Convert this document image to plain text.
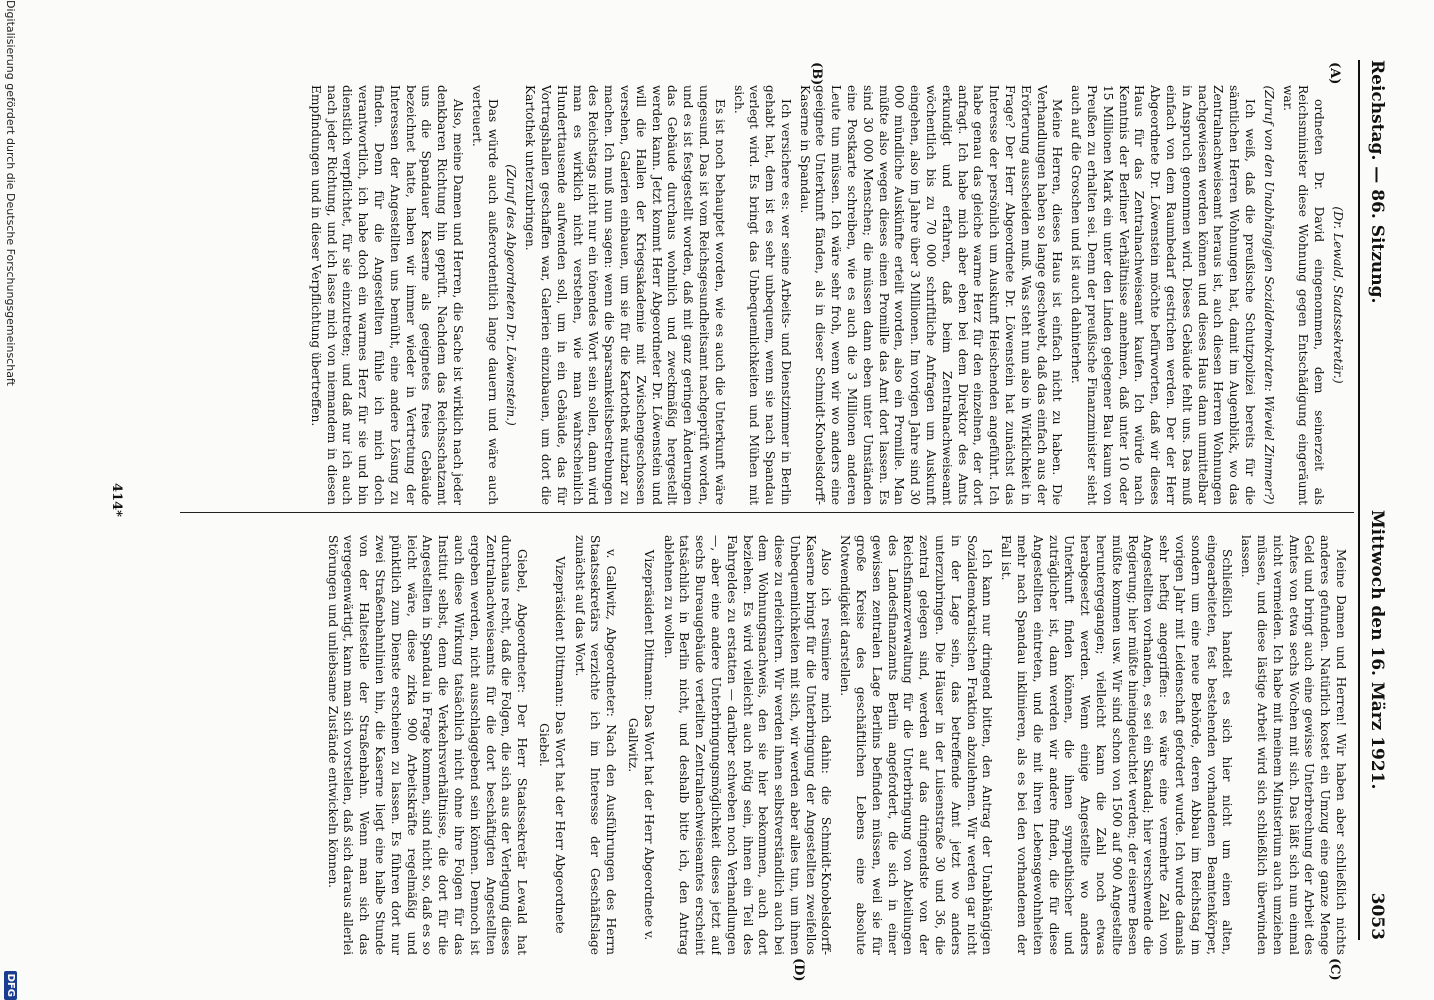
Reichstag. — 86. Sitzung.
Mittwoch den 16. März 1921.
3053
(A)
(B)
(C)
(D)

(Dr. Lewald, Staatssekretär.)

ordneten Dr. David eingenommen, dem seinerzeit als Reichsminister diese Wohnung gegen Entschädigung eingeräumt war.

(Zuruf von den Unabhängigen Sozialdemokraten: Wieviel Zimmer?)

Ich weiß, daß die preußische Schutzpolizei bereits für die sämtlichen Herren Wohnungen hat, damit im Augenblick, wo das Zentralnachweiseamt heraus ist, auch diesen Herren Wohnungen nachgewiesen werden können und dieses Haus dann unmittelbar in Anspruch genommen wird. Dieses Gebäude fehlt uns. Das muß einfach von dem Raumbedarf gestrichen werden. Der der Herr Abgeordnete Dr. Löwenstein möchte befürworten, daß wir dieses Haus für das Zentralnachweiseamt kaufen. Ich würde nach Kenntnis der Berliner Verhältnisse annehmen, daß unter 10 oder 15 Millionen Mark ein unter den Linden gelegener Bau kaum von Preußen zu erhalten sei. Denn der preußische Finanzminister sieht auch auf die Groschen und ist auch dahinterher.

Meine Herren, dieses Haus ist einfach nicht zu haben. Die Verhandlungen haben so lange geschwebt, daß das einfach aus der Erörterung ausscheiden muß. Was steht nun also in Wirklichkeit in Frage? Der Herr Abgeordnete Dr. Löwenstein hat zunächst das Interesse der persönlich um Auskunft Heischenden angeführt. Ich habe genau das gleiche warme Herz für den einzelnen, der dort anfragt. Ich habe mich aber eben bei dem Direktor des Amts erkundigt und erfahren, daß beim Zentralnachweiseamt wöchentlich bis zu 70 000 schriftliche Anfragen um Auskunft eingehen, also im Jahre über 3 Millionen. Im vorigen Jahre sind 30 000 mündliche Auskünfte erteilt worden, also ein Promille. Man müßte also wegen dieses einen Promille das Amt dort lassen. Es sind 30 000 Menschen; die müssen dann eben unter Umständen eine Postkarte schreiben, wie es auch die 3 Millionen anderen Leute tun müssen. Ich wäre sehr froh, wenn wir wo anders eine geeignete Unterkunft fänden, als in dieser Schmidt-Knobelsdorff-Kaserne in Spandau.

Ich versichere es: wer seine Arbeits- und Dienstzimmer in Berlin gehabt hat, dem ist es sehr unbequem, wenn sie nach Spandau verlegt wird. Es bringt das Unbequemlichkeiten und Mühen mit sich.

Es ist noch behauptet worden, wie es auch die Unterkunft wäre ungesund. Das ist vom Reichsgesundheitsamt nachgeprüft worden, und es ist festgestellt worden, daß mit ganz geringen Änderungen das Gebäude durchaus wohnlich und zweckmäßig hergestellt werden kann. Jetzt kommt Herr Abgeordneter Dr. Löwenstein und will die Hallen der Kriegsakademie mit Zwischengeschossen versehen, Galerien einbauen, um sie für die Kartothek nutzbar zu machen. Ich muß nun sagen: wenn die Sparsamkeitsbestrebungen des Reichstags nicht nur ein tönendes Wort sein sollen, dann wird man es wirklich nicht verstehen, wie man wahrscheinlich Hunderttausende aufwenden soll, um in ein Gebäude, das für Vortragshallen geschaffen war, Galerien einzubauen, um dort die Kartothek unterzubringen.

(Zuruf des Abgeordneten Dr. Löwenstein.)

Das würde auch außerordentlich lange dauern und wäre auch verteuert.

Also, meine Damen und Herren, die Sache ist wirklich nach jeder denkbaren Richtung hin geprüft. Nachdem das Reichsschatzamt uns die Spandauer Kaserne als geeignetes freies Gebäude bezeichnet hatte, haben wir immer wieder in Vertretung der Interessen der Angestellten uns bemüht, eine andere Lösung zu finden. Denn für die Angestellten fühle ich mich doch verantwortlich, ich habe doch ein warmes Herz für sie und bin dienstlich verpflichtet, für sie einzutreten; und daß nur ich auch nach jeder Richtung, und ich lasse mich von niemandem in diesen Empfindungen und in dieser Verpflichtung übertreffen.

Meine Damen und Herren! Wir haben aber schließlich nichts anderes gefunden. Natürlich kostet ein Umzug eine ganze Menge Geld und bringt auch eine gewisse Unterbrechung der Arbeit des Amtes von etwa sechs Wochen mit sich. Das läßt sich nun einmal nicht vermeiden. Ich habe mit meinem Ministerium auch umziehen müssen, und diese lästige Arbeit wird sich schließlich überwinden lassen.

Schließlich handelt es sich hier nicht um einen alten, eingearbeiteten, fest bestehenden vorhandenen Beamtenkörper, sondern um eine neue Behörde, deren Abbau im Reichstag im vorigen Jahr mit Leidenschaft gefordert wurde. Ich wurde damals sehr heftig angegriffen: es wäre eine vermehrte Zahl von Angestellten vorhanden, es sei ein Skandal; hier verschwende die Regierung; hier müßte hineingeleuchtet werden; der eiserne Besen müßte kommen usw. Wir sind schon von 1500 auf 900 Angestellte heruntergegangen; vielleicht kann die Zahl noch etwas herabgesetzt werden. Wenn einige Angestellte wo anders Unterkunft finden können, die ihnen sympathischer und zuträglicher ist, dann werden wir andere finden, die für diese Angestellten eintreten, und die mit ihren Lebensgewohnheiten mehr nach Spandau inklinieren, als es bei den vorhandenen der Fall ist.

Ich kann nur dringend bitten, den Antrag der Unabhängigen Sozialdemokratischen Fraktion abzulehnen. Wir werden gar nicht in der Lage sein, das betreffende Amt jetzt wo anders unterzubringen. Die Häuser in der Luisenstraße 30 und 36, die zentral gelegen sind, werden auf das dringendste von der Reichsfinanzverwaltung für die Unterbringung von Abteilungen des Landesfinanzamts Berlin angefordert, die sich in einer gewissen zentralen Lage Berlins befinden müssen, weil sie für große Kreise des geschäftlichen Lebens eine absolute Notwendigkeit darstellen.

Also ich resümiere mich dahin: die Schmidt-Knobelsdorff-Kaserne bringt für die Unterbringung der Angestellten zweifellos Unbequemlichkeiten mit sich, wir werden aber alles tun, um ihnen diese zu erleichtern. Wir werden ihnen selbstverständlich auch bei dem Wohnungsnachweis, den sie hier bekommen, auch dort beziehen. Es wird vielleicht auch nötig sein, ihnen ein Teil des Fahrgeldes zu erstatten — darüber schweben noch Verhandlungen —, aber eine andere Unterbringungsmöglichkeit dieses jetzt auf sechs Bureaugebäude verteilten Zentralnachweiseamtes erscheint tatsächlich in Berlin nicht, und deshalb bitte ich, den Antrag ablehnen zu wollen.

Vizepräsident Dittmann: Das Wort hat der Herr Abgeordnete v. Gallwitz.

v. Gallwitz, Abgeordneter: Nach den Ausführungen des Herrn Staatssekretärs verzichte ich im Interesse der Geschäftslage zunächst auf das Wort.

Vizepräsident Dittmann: Das Wort hat der Herr Abgeordnete Giebel.

Giebel, Abgeordneter: Der Herr Staatssekretär Lewald hat durchaus recht, daß die Folgen, die sich aus der Verlegung dieses Zentralnachweiseamts für die dort beschäftigten Angestellten ergeben werden, nicht ausschlaggebend sein können. Dennoch ist auch diese Wirkung tatsächlich nicht ohne ihre Folgen für das Institut selbst, denn die Verkehrsverhältnisse, die dort für die Angestellten in Spandau in Frage kommen, sind nicht so, daß es so leicht wäre, diese zirka 900 Arbeitskräfte regelmäßig und pünktlich zum Dienste erscheinen zu lassen. Es führen dort nur zwei Straßenbahnlinien hin, die Kaserne liegt eine halbe Stunde von der Haltestelle der Straßenbahn. Wenn man sich das vergegenwärtigt, kann man sich vorstellen, daß sich daraus allerlei Störungen und unliebsame Zustände entwickeln können.

414*
Digitalisierung gefördert durch die Deutsche Forschungsgemeinschaft
DFG
